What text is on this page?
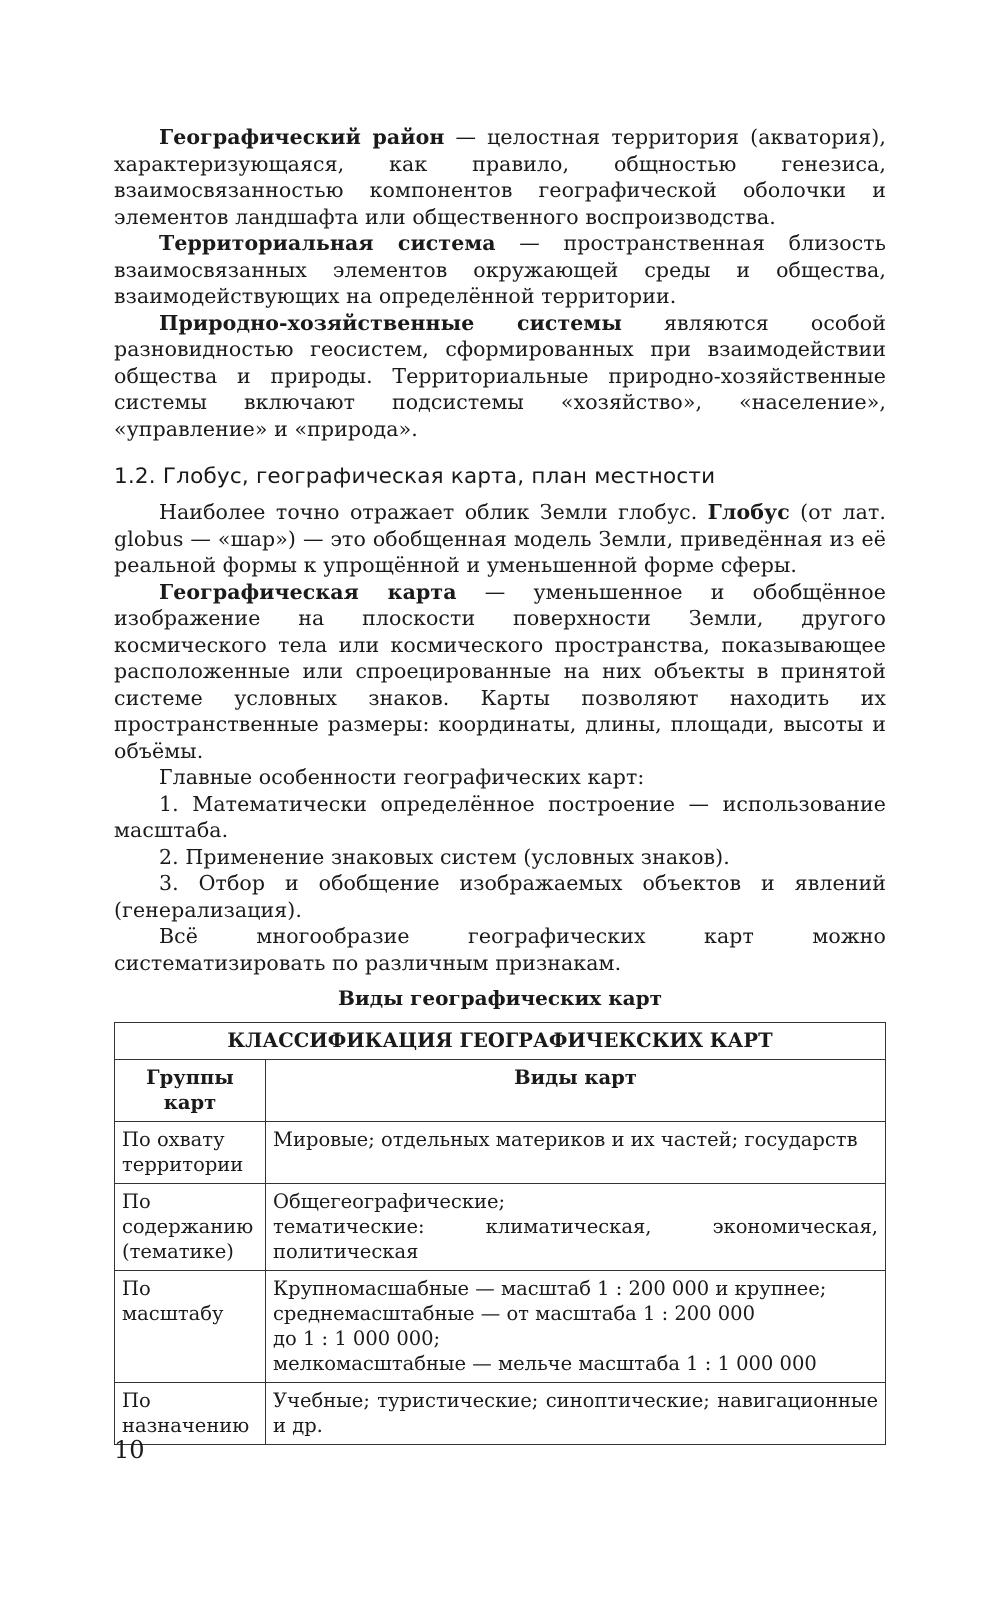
Географический район — целостная территория (акватория), характеризующаяся, как правило, общностью генезиса, взаимосвязанностью компонентов географической оболочки и элементов ландшафта или общественного воспроизводства.

Территориальная система — пространственная близость взаимосвязанных элементов окружающей среды и общества, взаимодействующих на определённой территории.

Природно-хозяйственные системы являются особой разновидностью геосистем, сформированных при взаимодействии общества и природы. Территориальные природно-хозяйственные системы включают подсистемы «хозяйство», «население», «управление» и «природа».

1.2. Глобус, географическая карта, план местности

Наиболее точно отражает облик Земли глобус. Глобус (от лат. globus — «шар») — это обобщенная модель Земли, приведённая из её реальной формы к упрощённой и уменьшенной форме сферы.

Географическая карта — уменьшенное и обобщённое изображение на плоскости поверхности Земли, другого космического тела или космического пространства, показывающее расположенные или спроецированные на них объекты в принятой системе условных знаков. Карты позволяют находить их пространственные размеры: координаты, длины, площади, высоты и объёмы.

Главные особенности географических карт:

1. Математически определённое построение — использование масштаба.

2. Применение знаковых систем (условных знаков).

3. Отбор и обобщение изображаемых объектов и явлений (генерализация).

Всё многообразие географических карт можно систематизировать по различным признакам.

Виды географических карт
КЛАССИФИКАЦИЯ ГЕОГРАФИЧЕКСКИХ КАРТ	
Группы карт	Виды карт
По охвату территории	Мировые; отдельных материков и их частей; государств

По содержанию (тематике)	Общегеографические;
тематические: климатическая, экономическая, политическая

По масштабу	Крупномасшабные — масштаб 1 : 200 000 и крупнее;
среднемасштабные — от масштаба 1 : 200 000
до 1 : 1 000 000;
мелкомасштабные — мельче масштаба 1 : 1 000 000

По назначению	Учебные; туристические; синоптические; навигационные и др.
10
